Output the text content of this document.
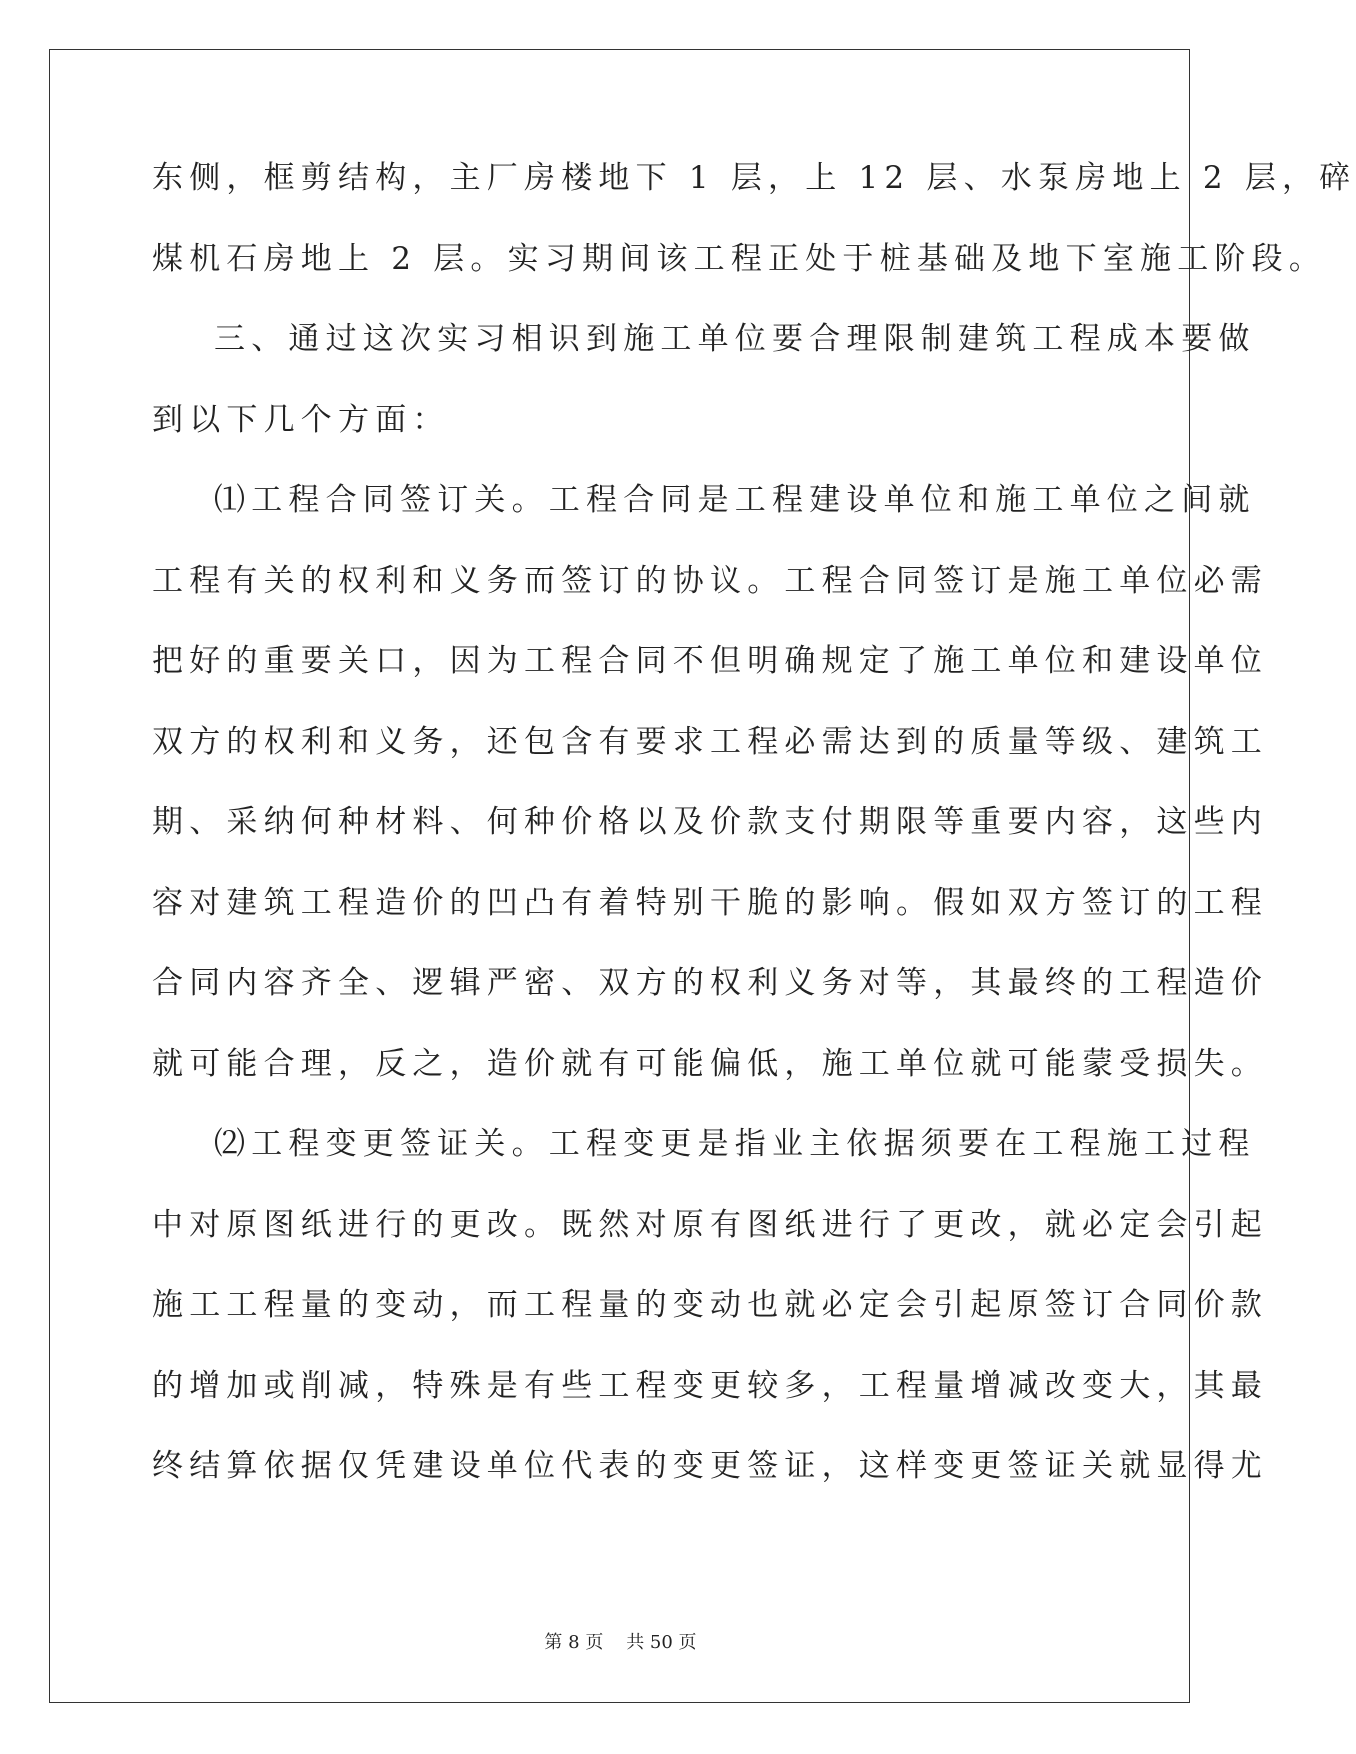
东侧，框剪结构，主厂房楼地下 1 层，上 12 层、水泵房地上 2 层，碎
煤机石房地上 2 层。实习期间该工程正处于桩基础及地下室施工阶段。
三、通过这次实习相识到施工单位要合理限制建筑工程成本要做
到以下几个方面：
⑴工程合同签订关。工程合同是工程建设单位和施工单位之间就
工程有关的权利和义务而签订的协议。工程合同签订是施工单位必需
把好的重要关口，因为工程合同不但明确规定了施工单位和建设单位
双方的权利和义务，还包含有要求工程必需达到的质量等级、建筑工
期、采纳何种材料、何种价格以及价款支付期限等重要内容，这些内
容对建筑工程造价的凹凸有着特别干脆的影响。假如双方签订的工程
合同内容齐全、逻辑严密、双方的权利义务对等，其最终的工程造价
就可能合理，反之，造价就有可能偏低，施工单位就可能蒙受损失。
⑵工程变更签证关。工程变更是指业主依据须要在工程施工过程
中对原图纸进行的更改。既然对原有图纸进行了更改，就必定会引起
施工工程量的变动，而工程量的变动也就必定会引起原签订合同价款
的增加或削减，特殊是有些工程变更较多，工程量增减改变大，其最
终结算依据仅凭建设单位代表的变更签证，这样变更签证关就显得尤
第 8 页    共 50 页
